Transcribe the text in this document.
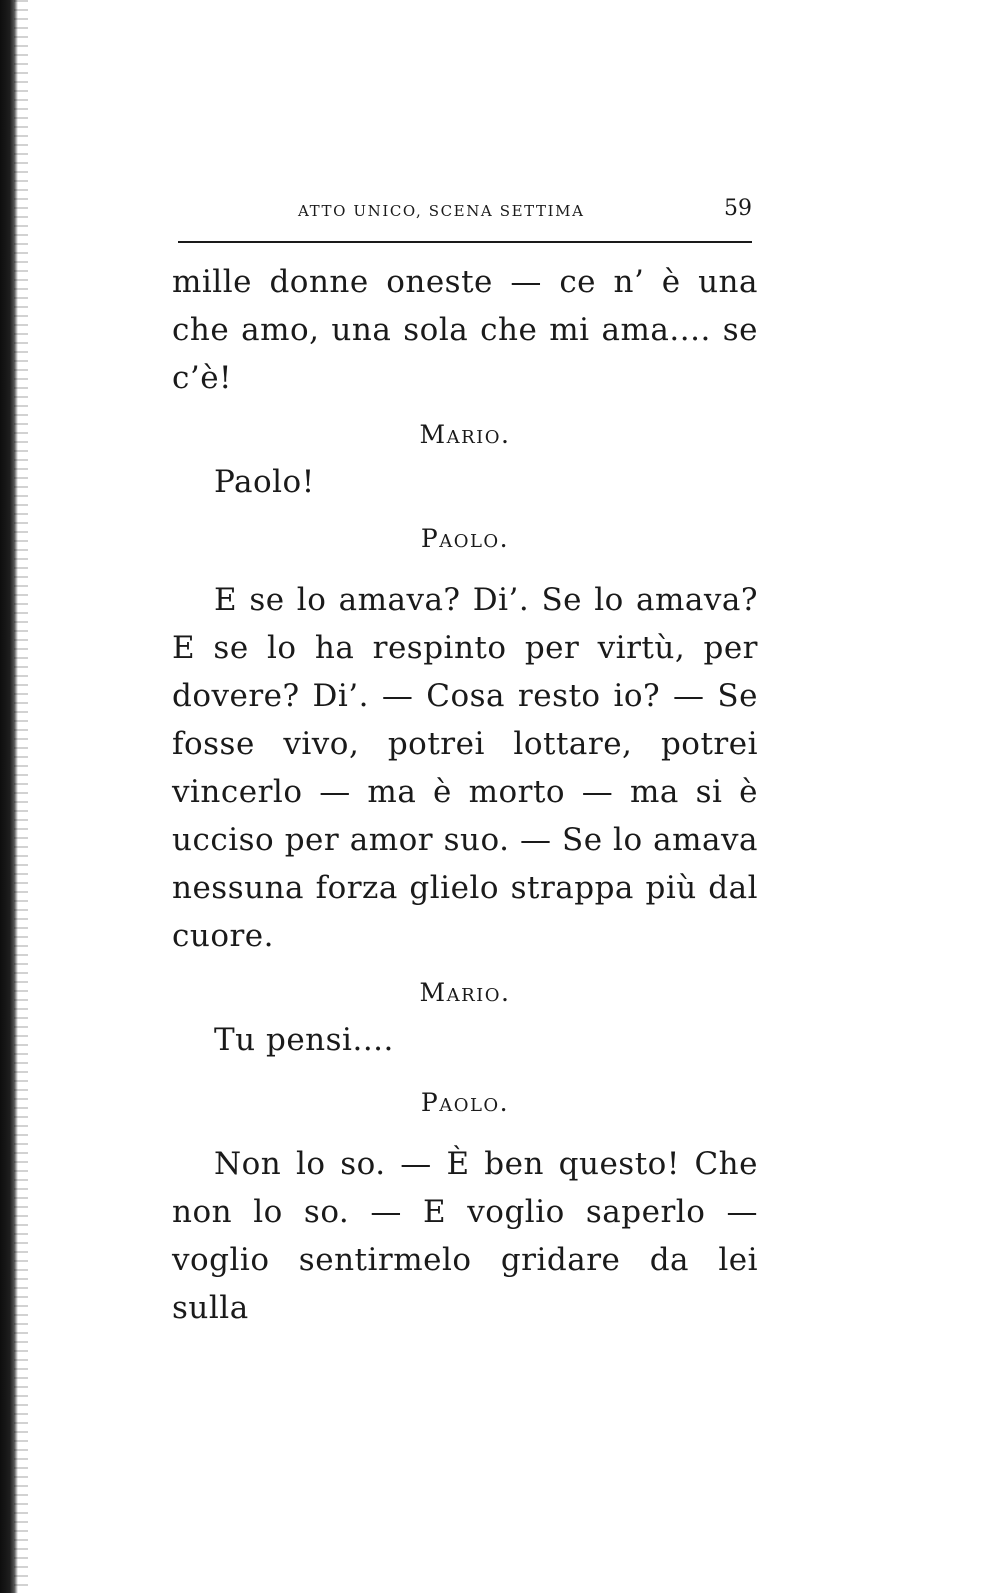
ATTO UNICO, SCENA SETTIMA	59

mille donne oneste — ce n’ è una che amo, una sola che mi ama.... se c’è!

Mario.

Paolo!

Paolo.

E se lo amava? Di’. Se lo amava? E se lo ha respinto per virtù, per dovere? Di’. — Cosa resto io? — Se fosse vivo, potrei lottare, potrei vincerlo — ma è morto — ma si è ucciso per amor suo. — Se lo amava nessuna forza glielo strappa più dal cuore.

Mario.

Tu pensi....

Paolo.

Non lo so. — È ben questo! Che non lo so. — E voglio saperlo — voglio sentirmelo gridare da lei sulla
